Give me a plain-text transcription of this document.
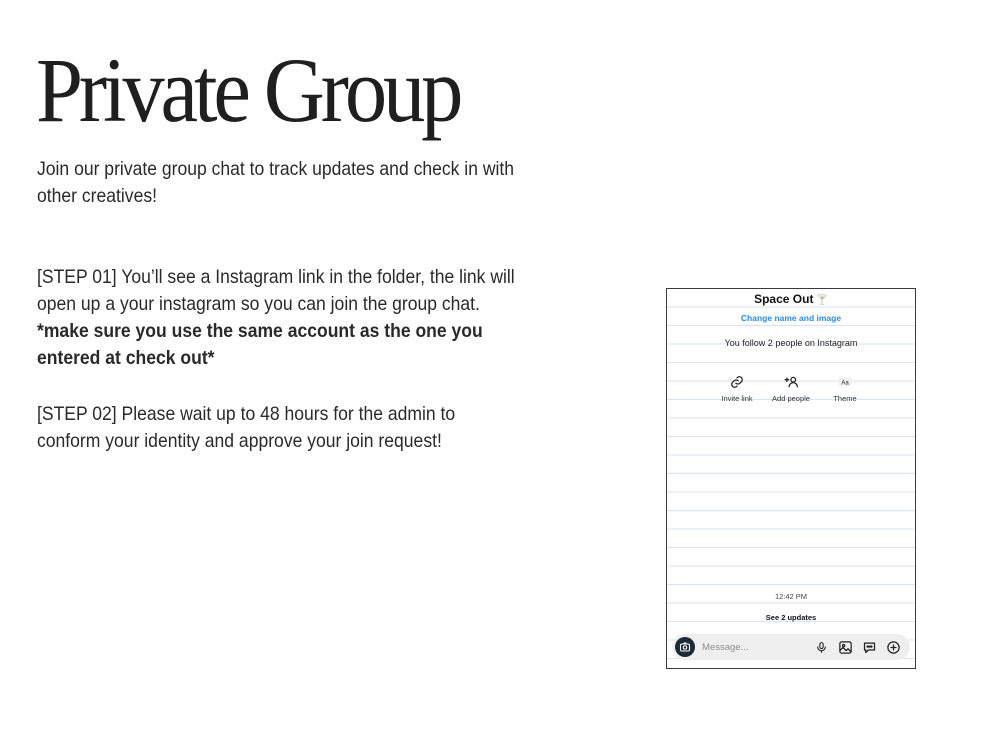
Private Group

Join our private group chat to track updates and check in with other creatives!

[STEP 01] You’ll see a Instagram link in the folder, the link will open up a your instagram so you can join the group chat.
*make sure you use the same account as the one you entered at check out*

[STEP 02] Please wait up to 48 hours for the admin to conform your identity and approve your join request!

Space Out 🍸
Change name and image
You follow 2 people on Instagram
Invite link	Add people
Aa
Theme
12:42 PM
See 2 updates
Message...
